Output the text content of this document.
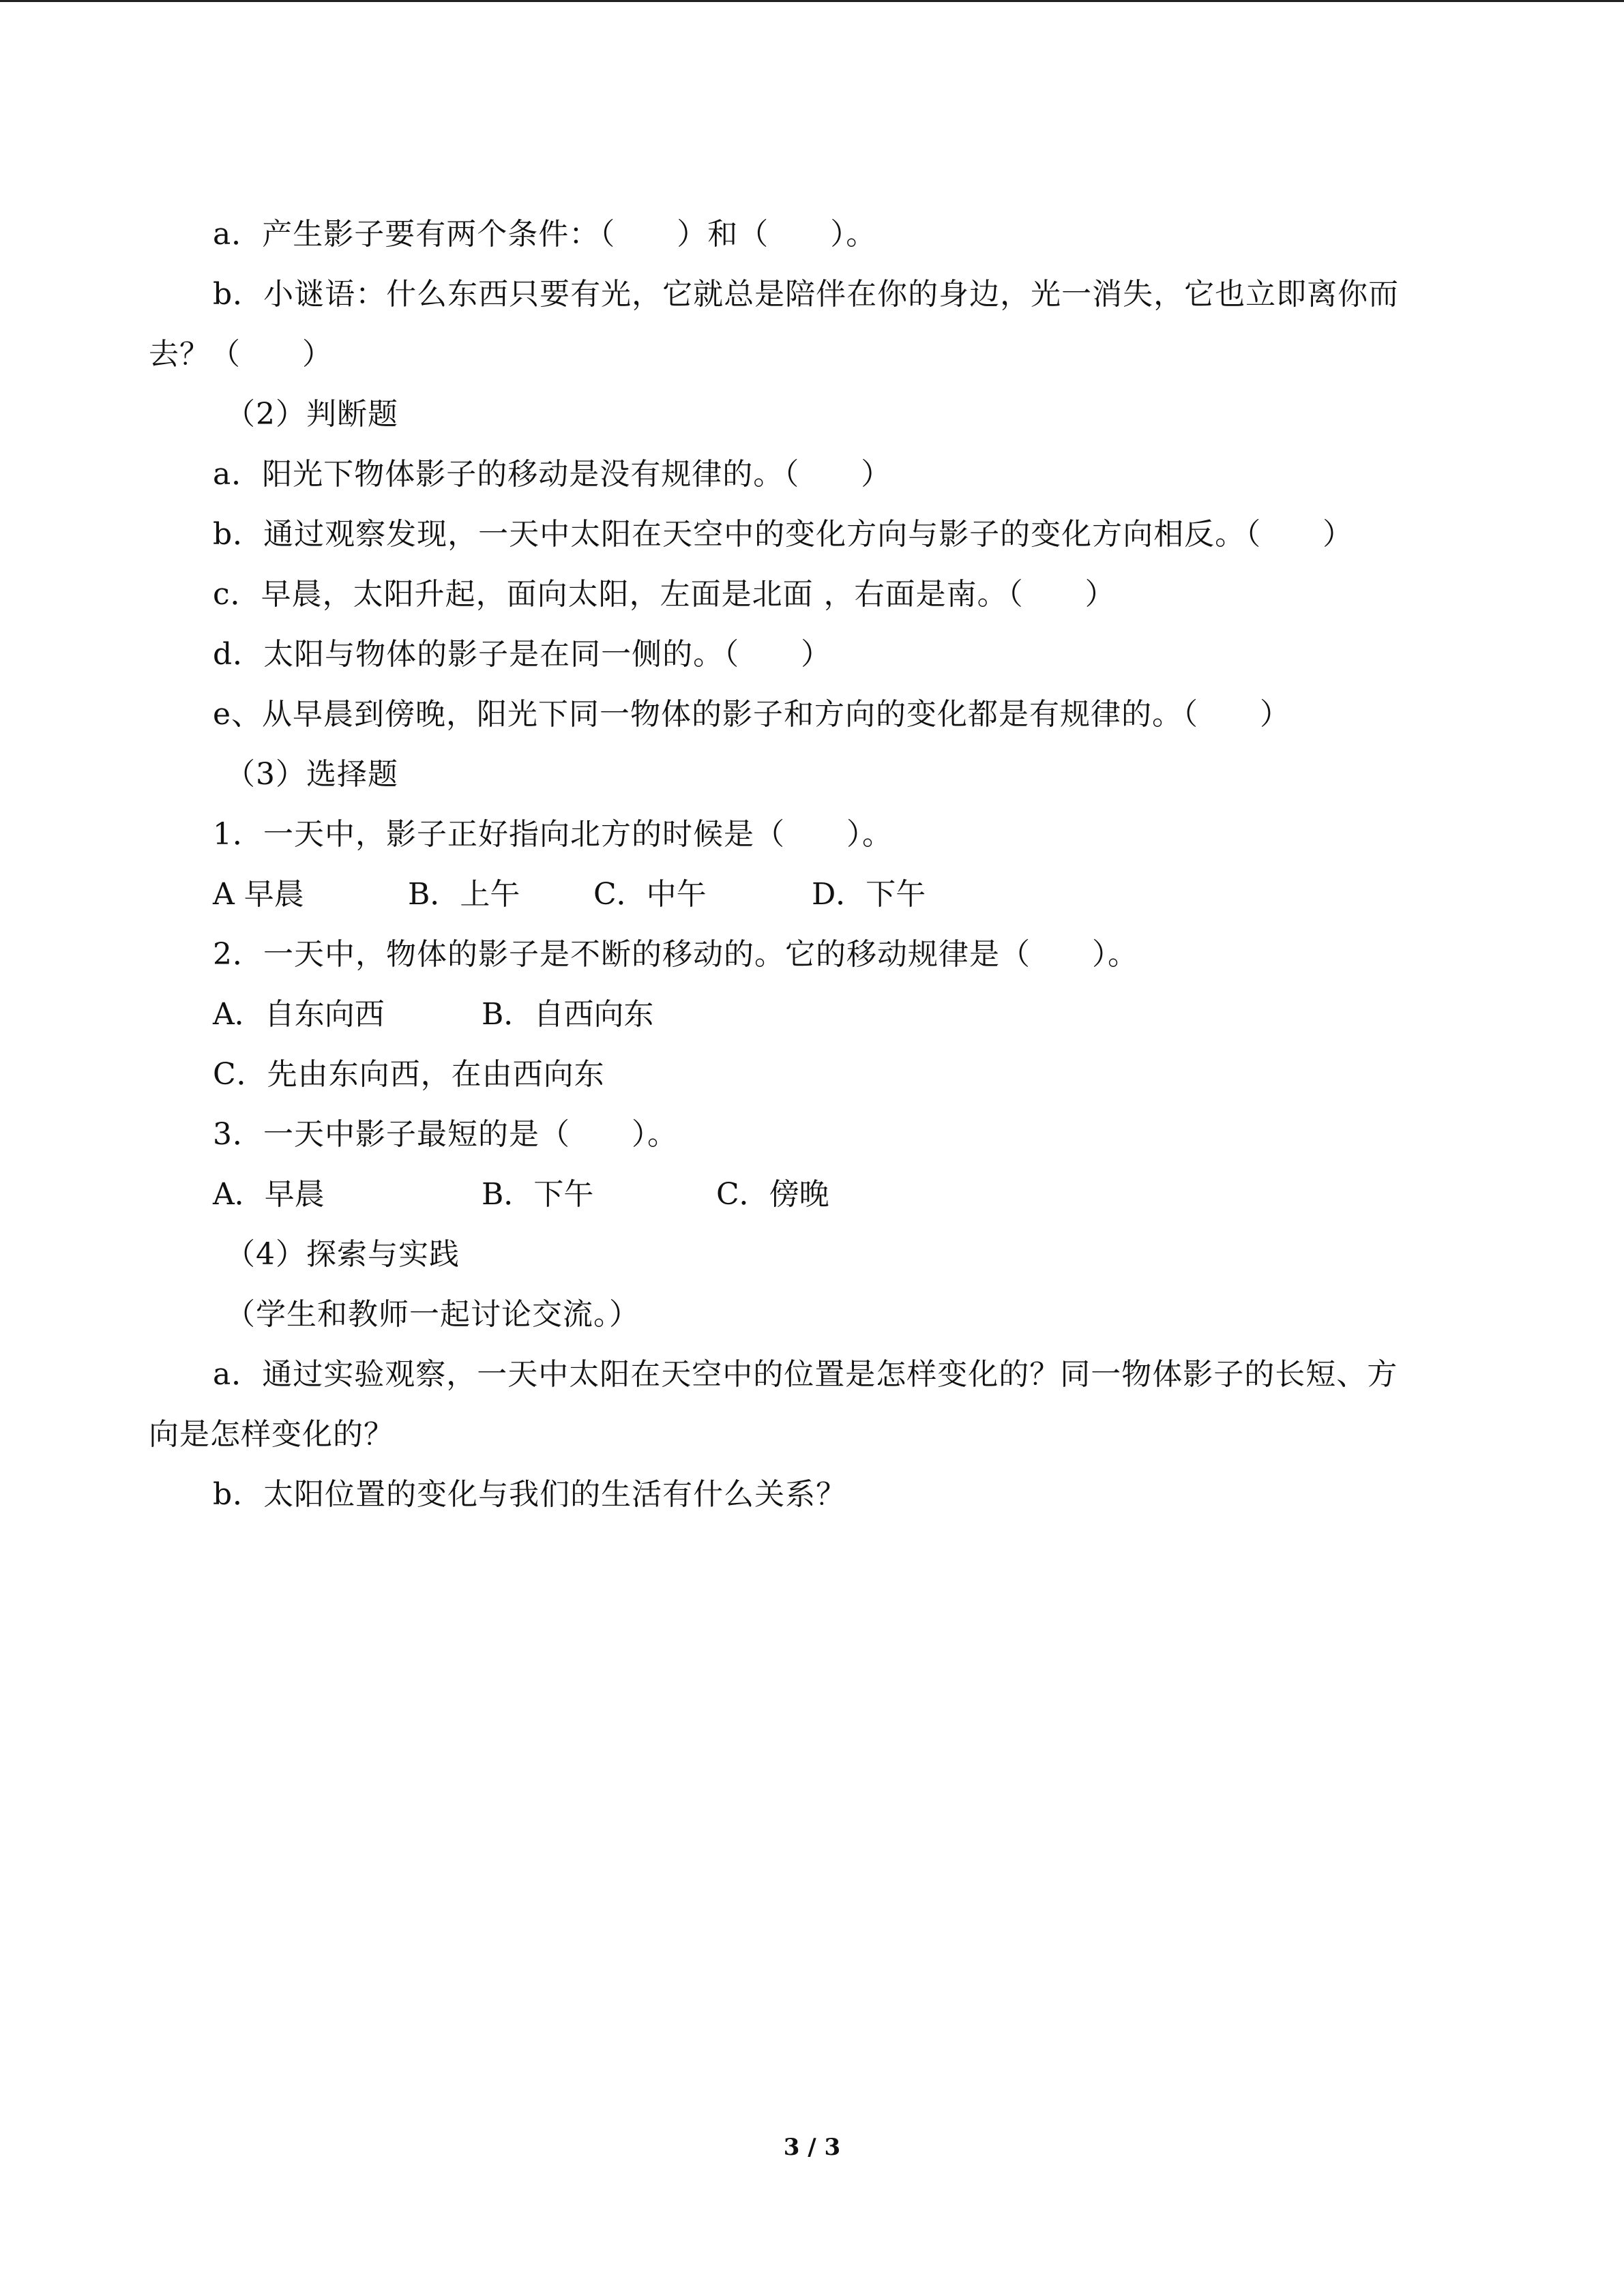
a．产生影子要有两个条件：（　　）和（　　）。
b．小谜语：什么东西只要有光，它就总是陪伴在你的身边，光一消失，它也立即离你而
去？（　　）
（2）判断题
a．阳光下物体影子的移动是没有规律的。（　　）
b．通过观察发现，一天中太阳在天空中的变化方向与影子的变化方向相反。（　　）
c．早晨，太阳升起，面向太阳，左面是北面 ，右面是南。（　　）
d．太阳与物体的影子是在同一侧的。（　　）
e、从早晨到傍晚，阳光下同一物体的影子和方向的变化都是有规律的。（　　）
（3）选择题
1．一天中，影子正好指向北方的时候是（　　）。
A 早晨	B．上午 C．中午	D．下午
2．一天中，物体的影子是不断的移动的。它的移动规律是（　　）。
A．自东向西	B．自西向东
C．先由东向西，在由西向东
3．一天中影子最短的是（　　）。
A．早晨	B．下午	C．傍晚
（4）探索与实践
（学生和教师一起讨论交流。）
a．通过实验观察，一天中太阳在天空中的位置是怎样变化的？同一物体影子的长短、方
向是怎样变化的？
b．太阳位置的变化与我们的生活有什么关系？
3 / 3
